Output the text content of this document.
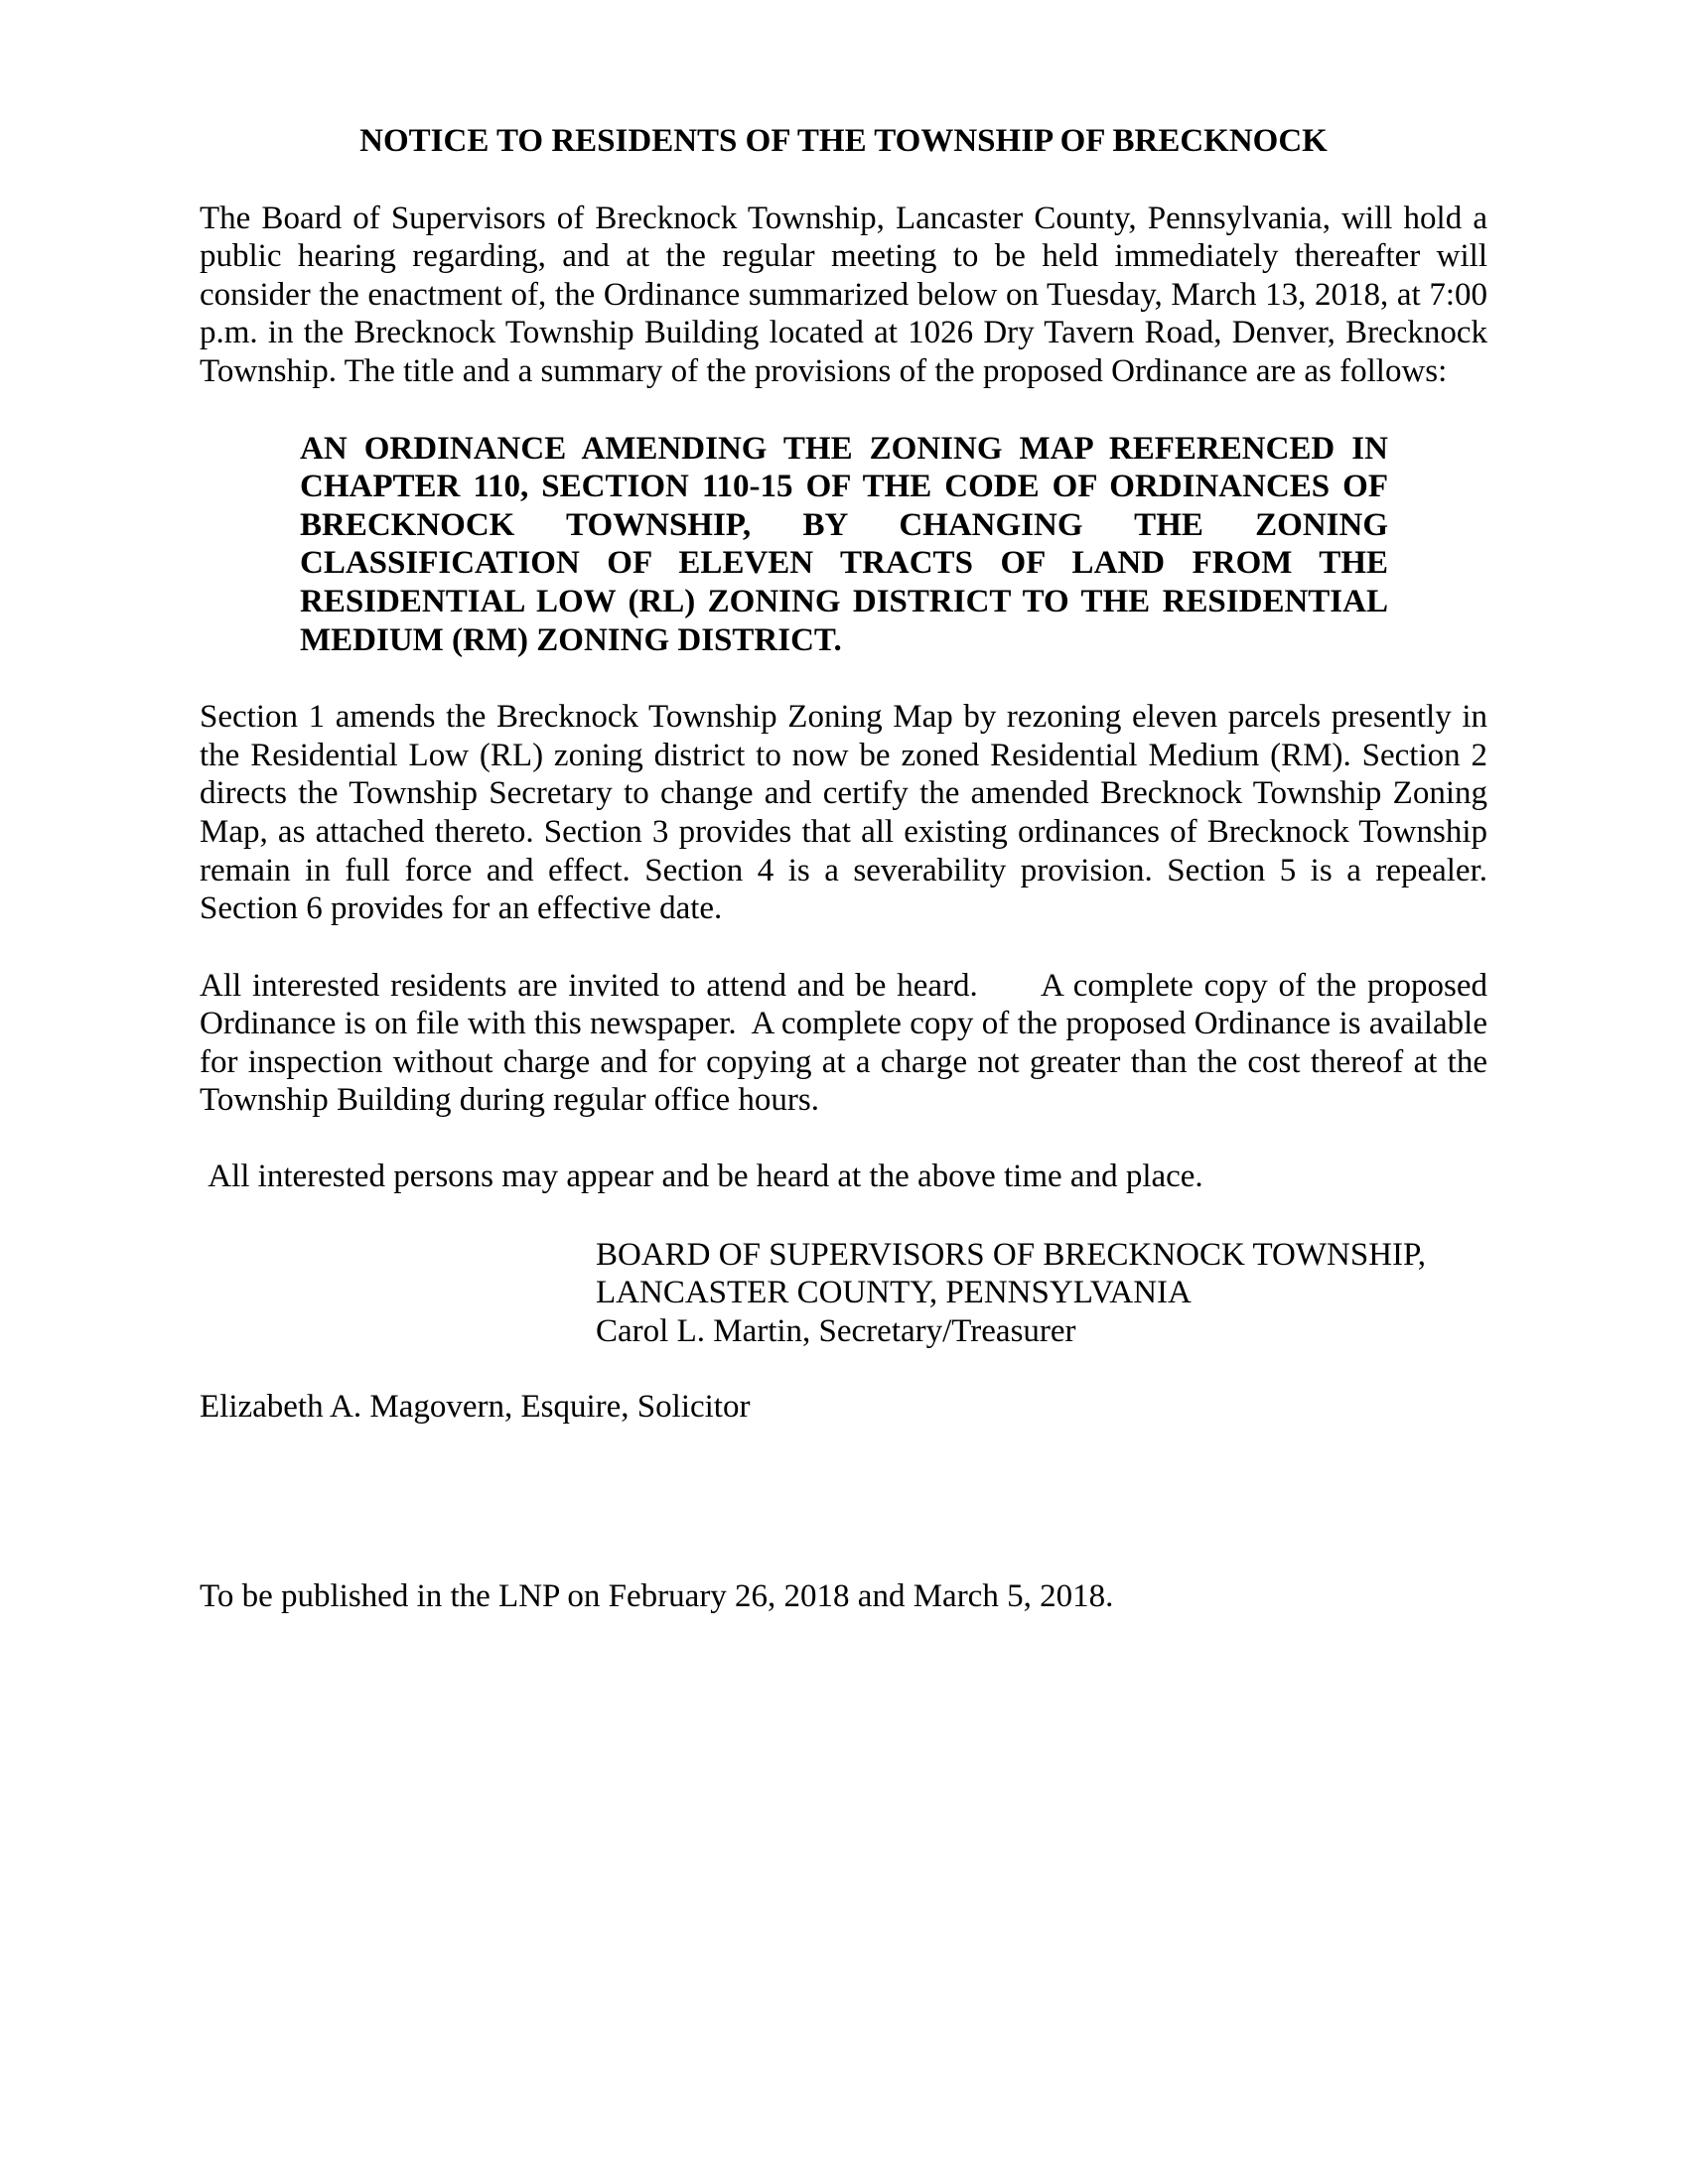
NOTICE TO RESIDENTS OF THE TOWNSHIP OF BRECKNOCK
The Board of Supervisors of Brecknock Township, Lancaster County, Pennsylvania, will hold a public hearing regarding, and at the regular meeting to be held immediately thereafter will consider the enactment of, the Ordinance summarized below on Tuesday, March 13, 2018, at 7:00 p.m. in the Brecknock Township Building located at 1026 Dry Tavern Road, Denver, Brecknock Township. The title and a summary of the provisions of the proposed Ordinance are as follows:
AN ORDINANCE AMENDING THE ZONING MAP REFERENCED IN CHAPTER 110, SECTION 110-15 OF THE CODE OF ORDINANCES OF BRECKNOCK TOWNSHIP, BY CHANGING THE ZONING CLASSIFICATION OF ELEVEN TRACTS OF LAND FROM THE RESIDENTIAL LOW (RL) ZONING DISTRICT TO THE RESIDENTIAL MEDIUM (RM) ZONING DISTRICT.
Section 1 amends the Brecknock Township Zoning Map by rezoning eleven parcels presently in the Residential Low (RL) zoning district to now be zoned Residential Medium (RM). Section 2 directs the Township Secretary to change and certify the amended Brecknock Township Zoning Map, as attached thereto. Section 3 provides that all existing ordinances of Brecknock Township remain in full force and effect. Section 4 is a severability provision. Section 5 is a repealer. Section 6 provides for an effective date.
All interested residents are invited to attend and be heard.      A complete copy of the proposed Ordinance is on file with this newspaper.  A complete copy of the proposed Ordinance is available for inspection without charge and for copying at a charge not greater than the cost thereof at the Township Building during regular office hours.
All interested persons may appear and be heard at the above time and place.
BOARD OF SUPERVISORS OF BRECKNOCK TOWNSHIP,
LANCASTER COUNTY, PENNSYLVANIA
Carol L. Martin, Secretary/Treasurer
Elizabeth A. Magovern, Esquire, Solicitor
To be published in the LNP on February 26, 2018 and March 5, 2018.
